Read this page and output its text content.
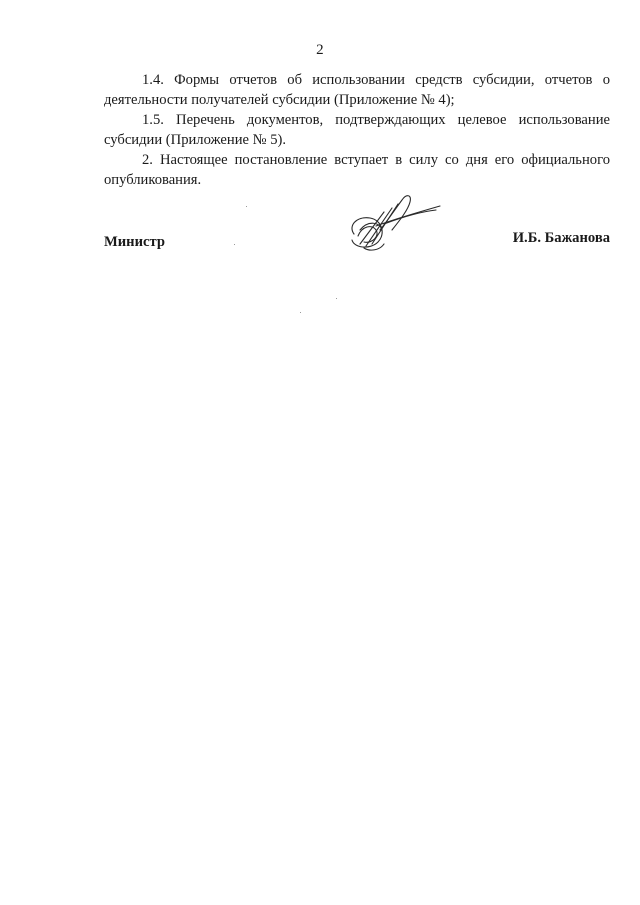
2

1.4. Формы отчетов об использовании средств субсидии, отчетов о деятельности получателей субсидии (Приложение № 4);

1.5. Перечень документов, подтверждающих целевое использование субсидии (Приложение № 5).

2. Настоящее постановление вступает в силу со дня его официального опубликования.

Министр	И.Б. Бажанова
